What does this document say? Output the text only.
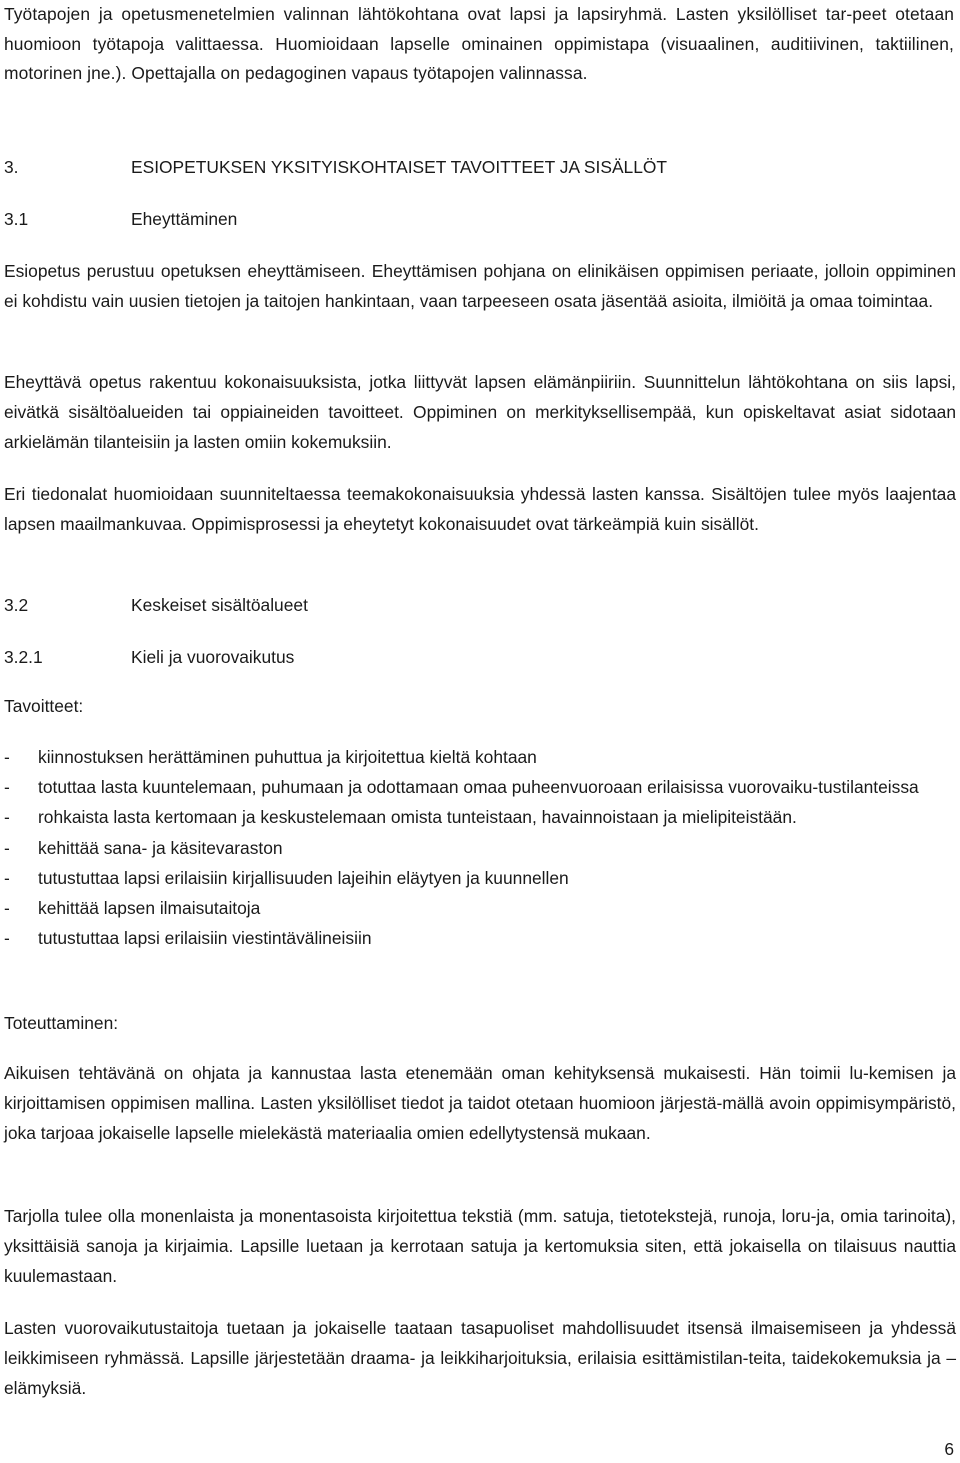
Työtapojen ja opetusmenetelmien valinnan lähtökohtana ovat lapsi ja lapsiryhmä. Lasten yksilölliset tar-peet otetaan huomioon työtapoja valittaessa. Huomioidaan lapselle ominainen oppimistapa (visuaalinen, auditiivinen, taktiilinen, motorinen jne.). Opettajalla on pedagoginen vapaus työtapojen valinnassa.
3.	ESIOPETUKSEN YKSITYISKOHTAISET TAVOITTEET JA SISÄLLÖT
3.1	Eheyttäminen
Esiopetus perustuu opetuksen eheyttämiseen. Eheyttämisen pohjana on elinikäisen oppimisen periaate, jolloin oppiminen ei kohdistu vain uusien tietojen ja taitojen hankintaan, vaan tarpeeseen osata jäsentää asioita, ilmiöitä ja omaa toimintaa.
Eheyttävä opetus rakentuu kokonaisuuksista, jotka liittyvät lapsen elämänpiiriin. Suunnittelun lähtökohtana on siis lapsi, eivätkä sisältöalueiden tai oppiaineiden tavoitteet. Oppiminen on merkityksellisempää, kun opiskeltavat asiat sidotaan arkielämän tilanteisiin ja lasten omiin kokemuksiin.
Eri tiedonalat huomioidaan suunniteltaessa teemakokonaisuuksia yhdessä lasten kanssa. Sisältöjen tulee myös laajentaa lapsen maailmankuvaa. Oppimisprosessi ja eheytetyt kokonaisuudet ovat tärkeämpiä kuin sisällöt.
3.2	Keskeiset sisältöalueet
3.2.1	Kieli ja vuorovaikutus
Tavoitteet:
- kiinnostuksen herättäminen puhuttua ja kirjoitettua kieltä kohtaan
- totuttaa lasta kuuntelemaan, puhumaan ja odottamaan omaa puheenvuoroaan erilaisissa vuorovaiku-tustilanteissa
- rohkaista lasta kertomaan ja keskustelemaan omista tunteistaan, havainnoistaan ja mielipiteistään.
- kehittää sana- ja käsitevaraston
- tutustuttaa lapsi erilaisiin kirjallisuuden lajeihin eläytyen ja kuunnellen
- kehittää lapsen ilmaisutaitoja
- tutustuttaa lapsi erilaisiin viestintävälineisiin
Toteuttaminen:
Aikuisen tehtävänä on ohjata ja kannustaa lasta etenemään oman kehityksensä mukaisesti. Hän toimii lu-kemisen ja kirjoittamisen oppimisen mallina. Lasten yksilölliset tiedot ja taidot otetaan huomioon järjestä-mällä avoin oppimisympäristö, joka tarjoaa jokaiselle lapselle mielekästä materiaalia omien edellytystensä mukaan.
Tarjolla tulee olla monenlaista ja monentasoista kirjoitettua tekstiä (mm. satuja, tietotekstejä, runoja, loru-ja, omia tarinoita), yksittäisiä sanoja ja kirjaimia. Lapsille luetaan ja kerrotaan satuja ja kertomuksia siten, että jokaisella on tilaisuus nauttia kuulemastaan.
Lasten vuorovaikutustaitoja tuetaan ja jokaiselle taataan tasapuoliset mahdollisuudet itsensä ilmaisemiseen ja yhdessä leikkimiseen ryhmässä. Lapsille järjestetään draama- ja leikkiharjoituksia, erilaisia esittämistilan-teita, taidekokemuksia ja –elämyksiä.
6
